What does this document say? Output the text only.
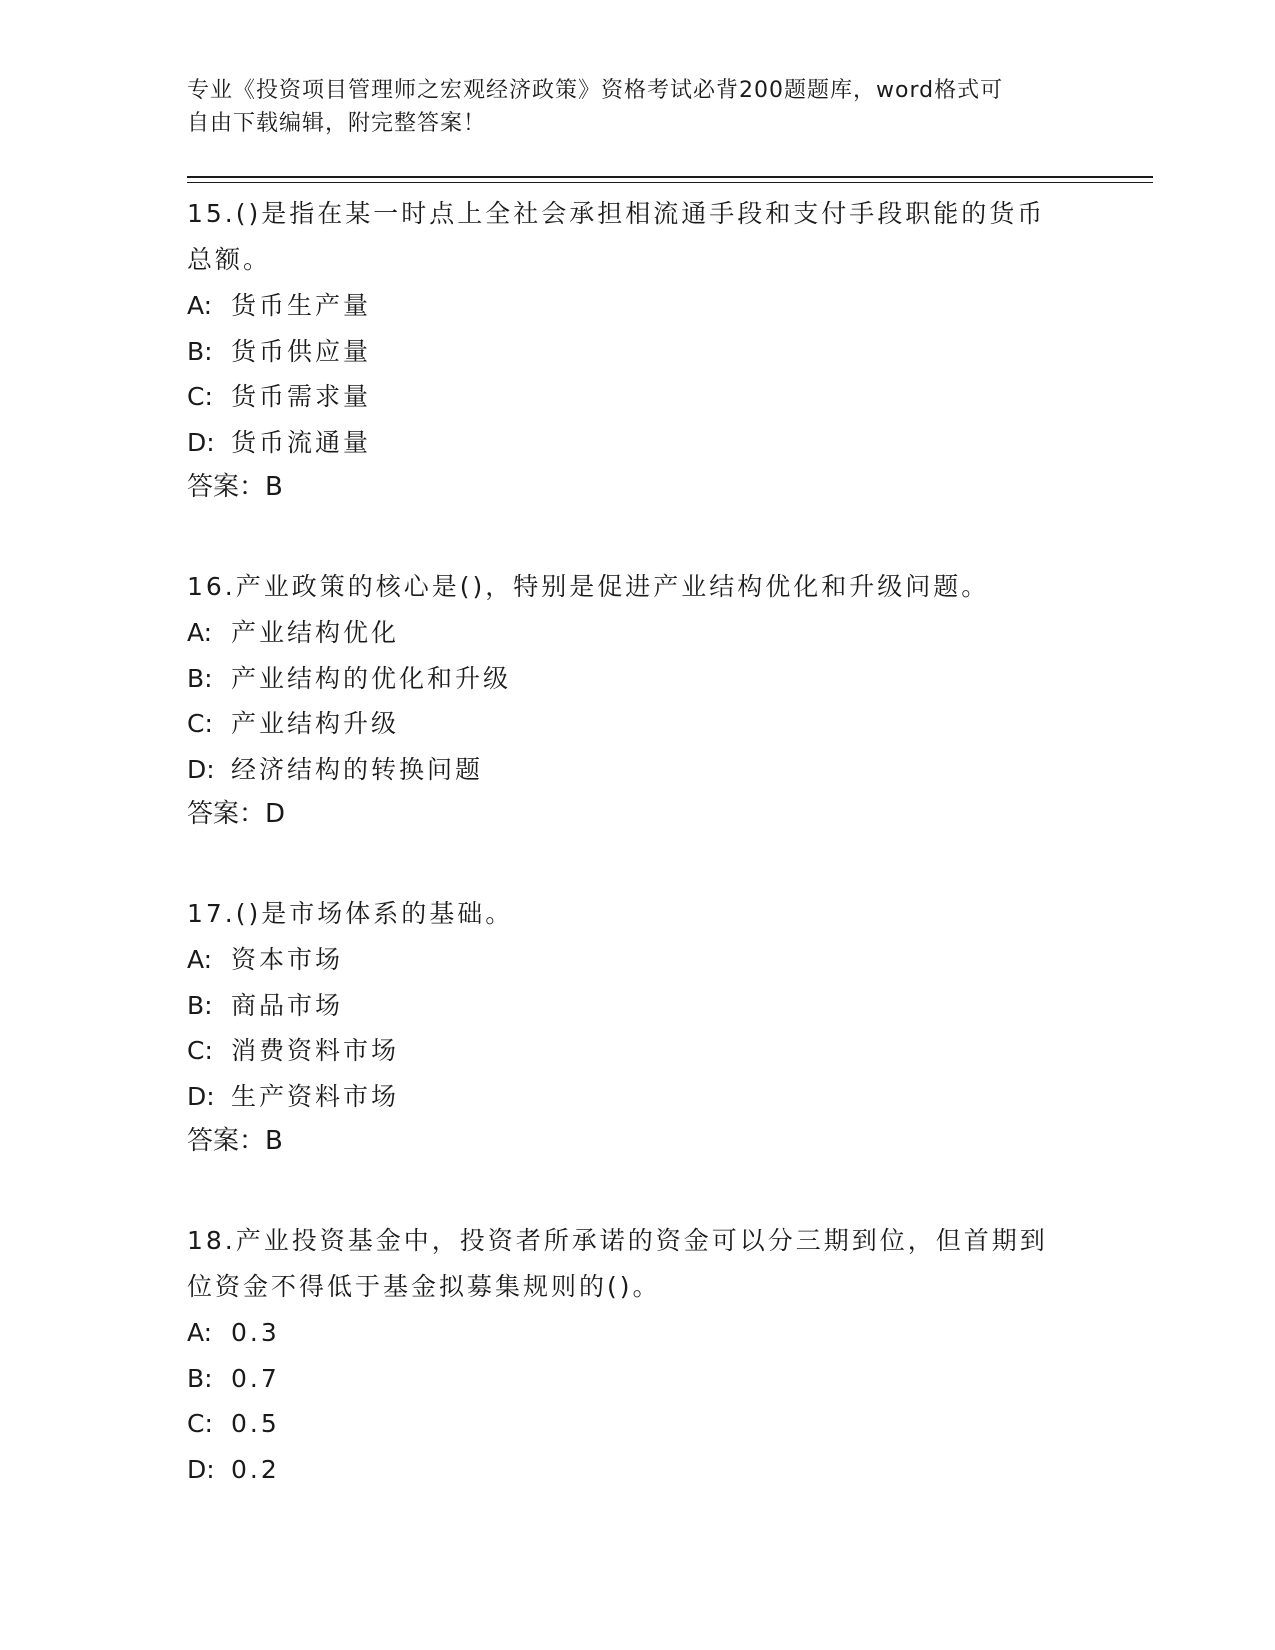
专业《投资项目管理师之宏观经济政策》资格考试必背200题题库，word格式可
自由下载编辑，附完整答案！
15.()是指在某一时点上全社会承担相流通手段和支付手段职能的货币
总额。
A: 货币生产量
B: 货币供应量
C: 货币需求量
D: 货币流通量
答案：B
16.产业政策的核心是()，特别是促进产业结构优化和升级问题。
A: 产业结构优化
B: 产业结构的优化和升级
C: 产业结构升级
D: 经济结构的转换问题
答案：D
17.()是市场体系的基础。
A: 资本市场
B: 商品市场
C: 消费资料市场
D: 生产资料市场
答案：B
18.产业投资基金中，投资者所承诺的资金可以分三期到位，但首期到
位资金不得低于基金拟募集规则的()。
A: 0.3
B: 0.7
C: 0.5
D: 0.2
